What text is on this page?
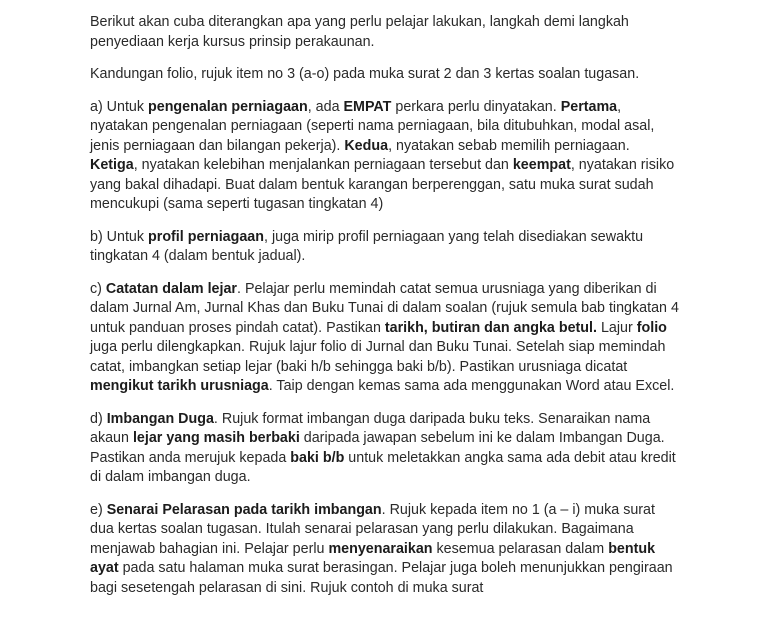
Berikut akan cuba diterangkan apa yang perlu pelajar lakukan, langkah demi langkah penyediaan kerja kursus prinsip perakaunan.

Kandungan folio, rujuk item no 3 (a-o) pada muka surat 2 dan 3 kertas soalan tugasan.

a) Untuk pengenalan perniagaan, ada EMPAT perkara perlu dinyatakan. Pertama, nyatakan pengenalan perniagaan (seperti nama perniagaan, bila ditubuhkan, modal asal, jenis perniagaan dan bilangan pekerja). Kedua, nyatakan sebab memilih perniagaan. Ketiga, nyatakan kelebihan menjalankan perniagaan tersebut dan keempat, nyatakan risiko yang bakal dihadapi. Buat dalam bentuk karangan berperenggan, satu muka surat sudah mencukupi (sama seperti tugasan tingkatan 4)

b) Untuk profil perniagaan, juga mirip profil perniagaan yang telah disediakan sewaktu tingkatan 4 (dalam bentuk jadual).

c) Catatan dalam lejar. Pelajar perlu memindah catat semua urusniaga yang diberikan di dalam Jurnal Am, Jurnal Khas dan Buku Tunai di dalam soalan (rujuk semula bab tingkatan 4 untuk panduan proses pindah catat). Pastikan tarikh, butiran dan angka betul. Lajur folio juga perlu dilengkapkan. Rujuk lajur folio di Jurnal dan Buku Tunai. Setelah siap memindah catat, imbangkan setiap lejar (baki h/b sehingga baki b/b). Pastikan urusniaga dicatat mengikut tarikh urusniaga. Taip dengan kemas sama ada menggunakan Word atau Excel.

d) Imbangan Duga. Rujuk format imbangan duga daripada buku teks. Senaraikan nama akaun lejar yang masih berbaki daripada jawapan sebelum ini ke dalam Imbangan Duga. Pastikan anda merujuk kepada baki b/b untuk meletakkan angka sama ada debit atau kredit di dalam imbangan duga.

e) Senarai Pelarasan pada tarikh imbangan. Rujuk kepada item no 1 (a – i) muka surat dua kertas soalan tugasan. Itulah senarai pelarasan yang perlu dilakukan. Bagaimana menjawab bahagian ini. Pelajar perlu menyenaraikan kesemua pelarasan dalam bentuk ayat pada satu halaman muka surat berasingan. Pelajar juga boleh menunjukkan pengiraan bagi sesetengah pelarasan di sini. Rujuk contoh di muka surat
